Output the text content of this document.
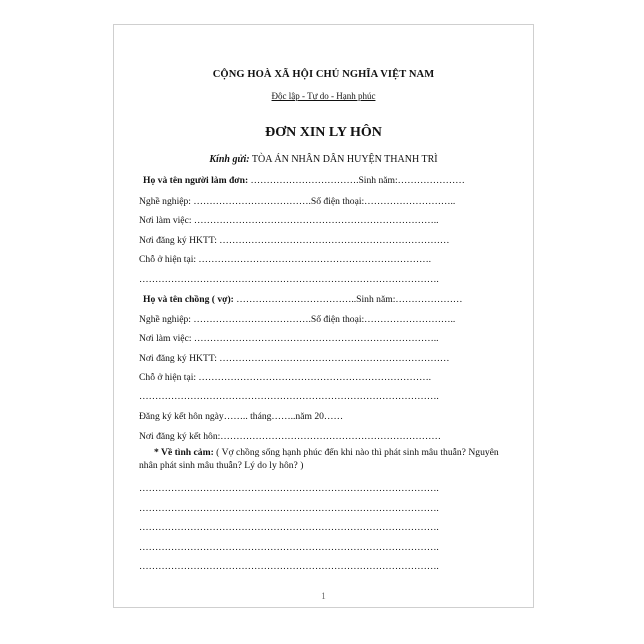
CỘNG HOÀ XÃ HỘI CHỦ NGHĨA VIỆT NAM
Độc lập - Tự do - Hạnh phúc
ĐƠN XIN LY HÔN
Kính gửi: TÒA ÁN NHÂN DÂN HUYỆN THANH TRÌ
Họ và tên người làm đơn: …………………………….Sinh năm:…………………
Nghề nghiệp: ……………………………….Số điện thoại:………………………..
Nơi làm việc: …………………………………………………………………..
Nơi đăng ký HKTT: ………………………………………………………………
Chỗ ở hiện tại: ……………………………………………………………….
………………………………………………………………………………….
Họ và tên chồng ( vợ): ………………………………..Sinh năm:…………………
Nghề nghiệp: ……………………………….Số điện thoại:………………………..
Nơi làm việc: …………………………………………………………………..
Nơi đăng ký HKTT: ………………………………………………………………
Chỗ ở hiện tại: ……………………………………………………………….
………………………………………………………………………………….
Đăng ký kết hôn ngày…….. tháng……..năm 20……
Nơi đăng ký kết hôn:……………………………………………………………
* Về tình cảm: ( Vợ chồng sống hạnh phúc đến khi nào thì phát sinh mâu thuẫn? Nguyên nhân phát sinh mâu thuẫn? Lý do ly hôn? )
………………………………………………………………………………….
………………………………………………………………………………….
………………………………………………………………………………….
………………………………………………………………………………….
………………………………………………………………………………….
1
